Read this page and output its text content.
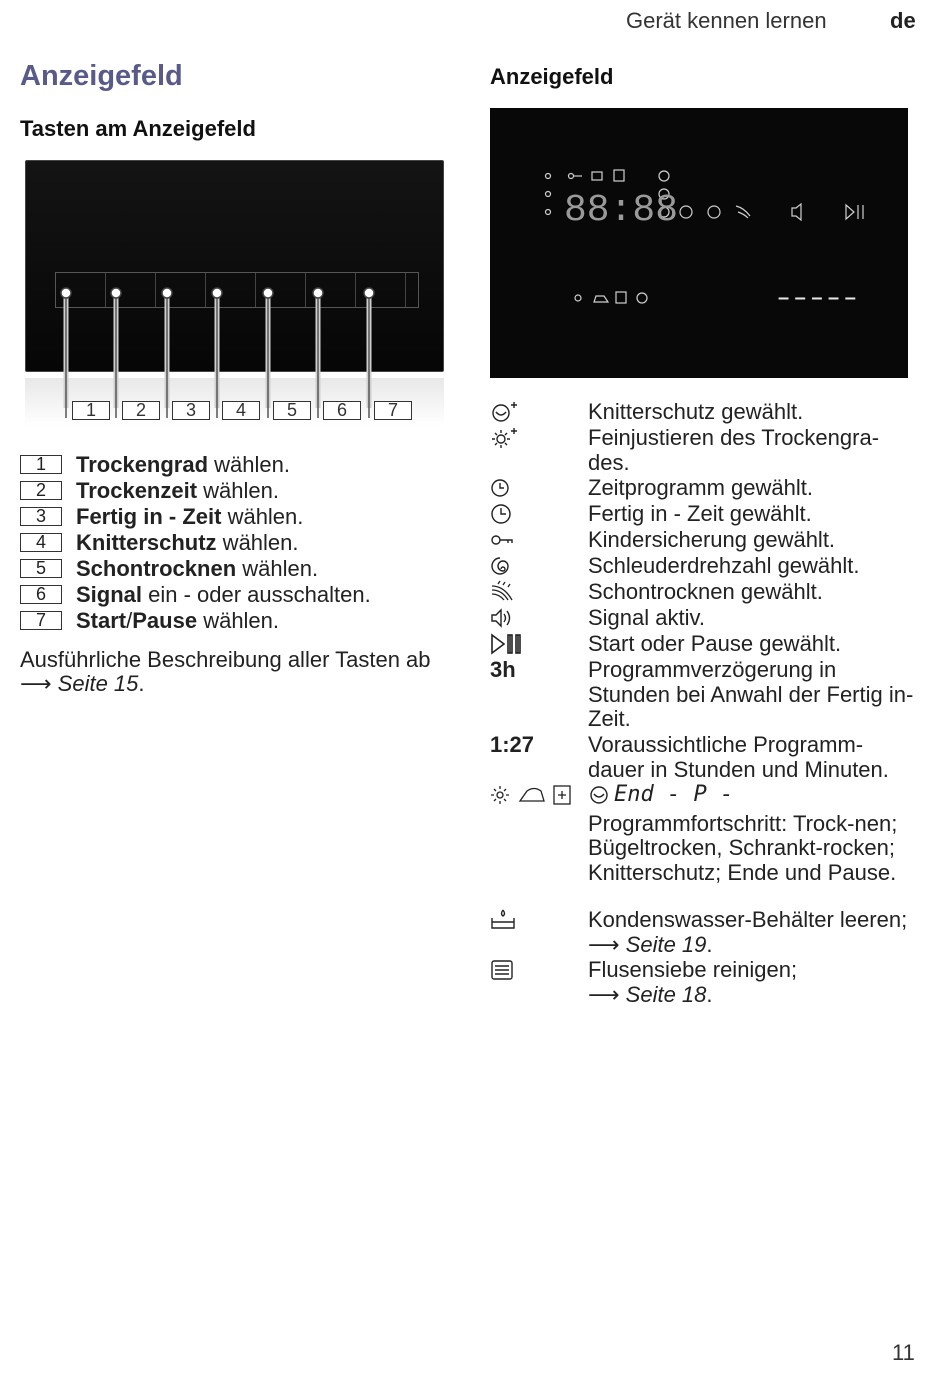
Gerät kennen lernen	de
Anzeigefeld
Tasten am Anzeigefeld
Anzeigefeld
1	2	3	4	5	6	7
1	Trockengrad wählen.
2	Trockenzeit wählen.
3	Fertig in - Zeit wählen.
4	Knitterschutz wählen.
5	Schontrocknen wählen.
6	Signal ein - oder ausschalten.
7	Start/Pause wählen.
Ausführliche Beschreibung aller Tasten ab ⟶ Seite 15.
88:88
– – – – –
Knitterschutz gewählt.
Feinjustieren des Trockengra-des.
Zeitprogramm gewählt.
Fertig in - Zeit gewählt.
Kindersicherung gewählt.
Schleuderdrehzahl gewählt.
Schontrocknen gewählt.
Signal aktiv.
Start oder Pause gewählt.
3h	Programmverzögerung in Stunden bei Anwahl der Fertig in-Zeit.
1:27	Voraussichtliche Programm-dauer in Stunden und Minuten.
End - P -

Programmfortschritt: Trock-nen; Bügeltrocken, Schrankt-rocken; Knitterschutz; Ende und Pause.
Kondenswasser-Behälter leeren; ⟶ Seite 19.
Flusensiebe reinigen;
⟶ Seite 18.
11
